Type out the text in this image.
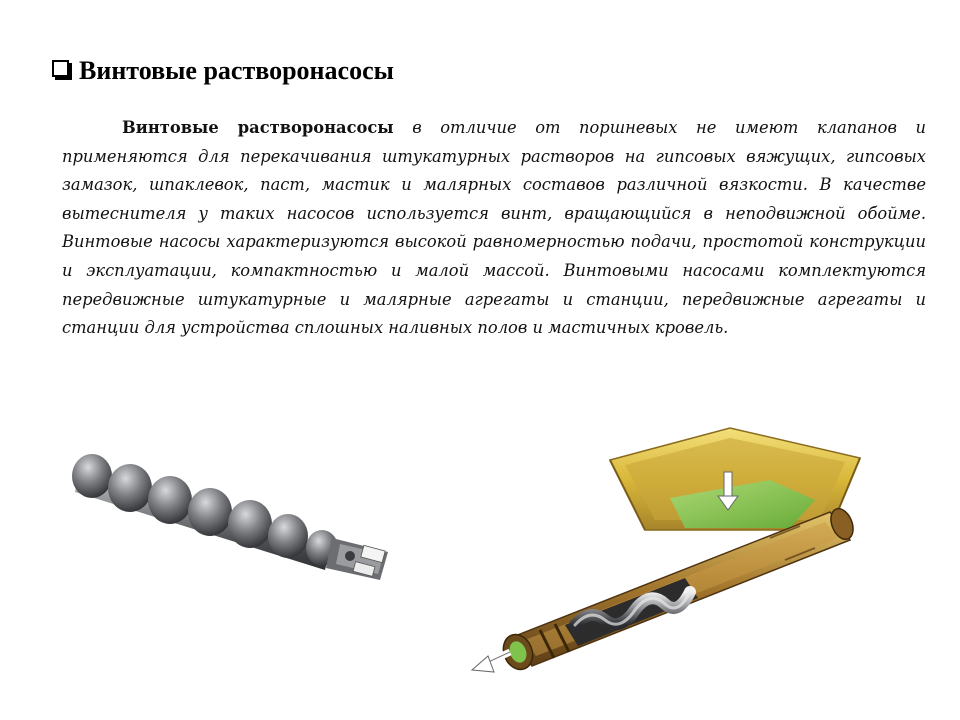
Винтовые растворонасосы
Винтовые растворонасосы в отличие от поршневых не имеют клапанов и применяются для перекачивания штукатурных растворов на гипсовых вяжущих, гипсовых замазок, шпаклевок, паст, мастик и малярных составов различной вязкости. В качестве вытеснителя у таких насосов используется винт, вращающийся в неподвижной обойме. Винтовые насосы характеризуются высокой равномерностью подачи, простотой конструкции и эксплуатации, компактностью и малой массой. Винтовыми насосами комплектуются передвижные штукатурные и малярные агрегаты и станции, передвижные агрегаты и станции для устройства сплошных наливных полов и мастичных кровель.
